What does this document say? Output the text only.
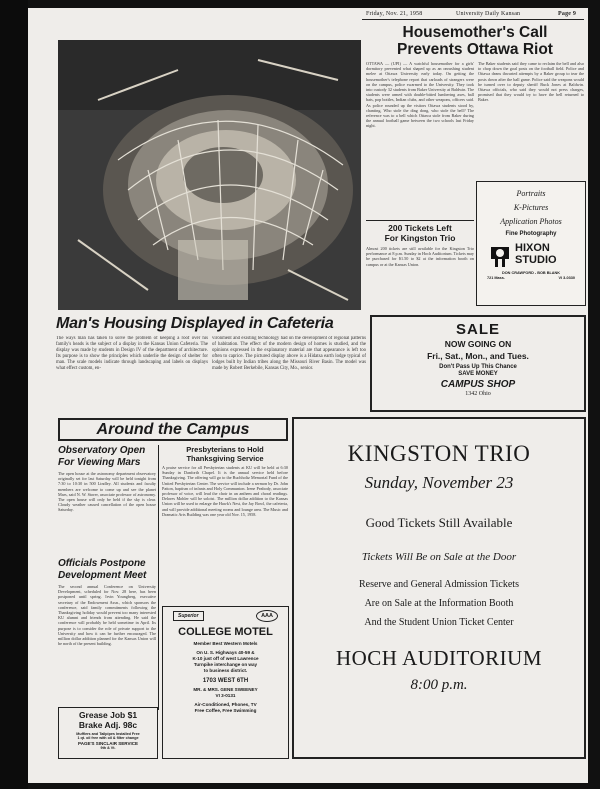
Friday, Nov. 21, 1958	University Daily Kansan	Page 9
Housemother's Call
Prevents Ottawa Riot
OTTAWA — (UPI) — A watchful housemother for a girls' dormitory prevented what shaped up as an onrushing student melee at Ottawa University early today. On getting the housemother's telephone report that carloads of strangers were on the campus, police swarmed to the University. They took into custody 32 students from Baker University at Baldwin. The students were armed with double-bitted lumbering axes, ball bats, pop bottles, Indian clubs, and other weapons, officers said. As police rounded up the visitors Ottawa students stood by, chanting, Who stole the ding dong, who stole the bell? The reference was to a bell which Ottawa stole from Baker during the annual football game between the two schools last Friday night.
The Baker students said they came to reclaim the bell and also to chop down the goal posts on the football field. Police and Ottawa deans thwarted attempts by a Baker group to tear the posts down after the ball game. Police said the weapons would be turned over to deputy sheriff Buck Jones at Baldwin. Ottawa officials, who said they would not press charges, promised that they would try to have the bell returned to Baker.
200 Tickets Left
For Kingston Trio
Almost 200 tickets are still available for the Kingston Trio performance at 8 p.m. Sunday in Hoch Auditorium. Tickets may be purchased for $1.50 to $2 at the information booth on campus or at the Kansas Union.
Portraits
K-Pictures
Application Photos
Fine Photography
HIXON
STUDIO
DON CRAWFORD - BOB BLANK
721 Mass.	VI 3-0330
Man's Housing Displayed in Cafeteria
The ways man has taken to solve the problem of keeping a roof over his family's heads is the subject of a display in the Kansas Union Cafeteria. The display was made by students in Design IV of the department of architecture. Its purpose is to show the principles which underlie the design of shelter for man. The scale models indicate through landscaping and labels on displays what effect custom, en-
vironment and existing technology had on the development of regional patterns of habitation. The effect of the modern design of homes is studied, and the opinions expressed in the explanatory material are that appearance is left too often to caprice. The pictured display above is a Hidatsa earth lodge typical of lodges built by Indian tribes along the Missouri River Basin. The model was made by Robert Berkebile, Kansas City, Mo., senior.
SALE
NOW GOING ON
Fri., Sat., Mon., and Tues.
Don't Pass Up This Chance
SAVE MONEY
CAMPUS SHOP
1342 Ohio
Around the Campus
Observatory Open
For Viewing Mars
The open house at the astronomy department observatory originally set for last Saturday will be held tonight from 7:30 to 10:30 in 500 Lindley. All students and faculty members are welcome to come up and see the planet Mars, said N. W. Storer, associate professor of astronomy. The open house will only be held if the sky is clear. Cloudy weather caused cancellation of the open house Saturday.
Officials Postpone
Development Meet
The second annual Conference on University Development, scheduled for Nov. 28 here, has been postponed until spring. Irvin Youngberg, executive secretary of the Endowment Assn., which sponsors the conference, said family commitments following the Thanksgiving holiday would prevent too many interested KU alumni and friends from attending. He said the conference will probably be held sometime in April. Its purpose is to consider the role of private support to the University and how it can be further encouraged. The million dollar addition planned for the Kansas Union will be north of the present building.
Presbyterians to Hold
Thanksgiving Service
A praise service for all Presbyterian students at KU will be held at 6:30 Sunday in Danforth Chapel. It is the annual service held before Thanksgiving. The offering will go to the Buchholtz Memorial Fund of the United Presbyterian Center. The service will include a sermon by Dr. John Patton, baptism of infants and Holy Communion. Irene Peabody, associate professor of voice, will lead the choir in an anthem and choral readings. Delores Mohler will be soloist. The million dollar addition to the Kansas Union will be used to enlarge the Hawk's Nest, the Jay Bowl, the cafeteria, and will provide additional meeting rooms and lounge area. The Music and Dramatic Arts Building was one year old Nov. 15, 1958.
Grease Job $1
Brake Adj. 98c
Mufflers and Tailpipes Installed Free
1 qt. oil free with oil & filter change
PAGE'S SINCLAIR SERVICE
9th & Vt.
Superior	AAA
COLLEGE MOTEL
Member Best Western Motels
On U. S. Highways 40-59 &
K-10 just off of west Lawrence
Turnpike interchange on way
to business district.
1703 WEST 6TH
MR. & MRS. GENE SWEENEY
VI 3-0131
Air-Conditioned, Phones, TV
Free Coffee, Free Swimming
KINGSTON TRIO
Sunday, November 23
Good Tickets Still Available
Tickets Will Be on Sale at the Door
Reserve and General Admission Tickets
Are on Sale at the Information Booth
And the Student Union Ticket Center
HOCH AUDITORIUM
8:00 p.m.
